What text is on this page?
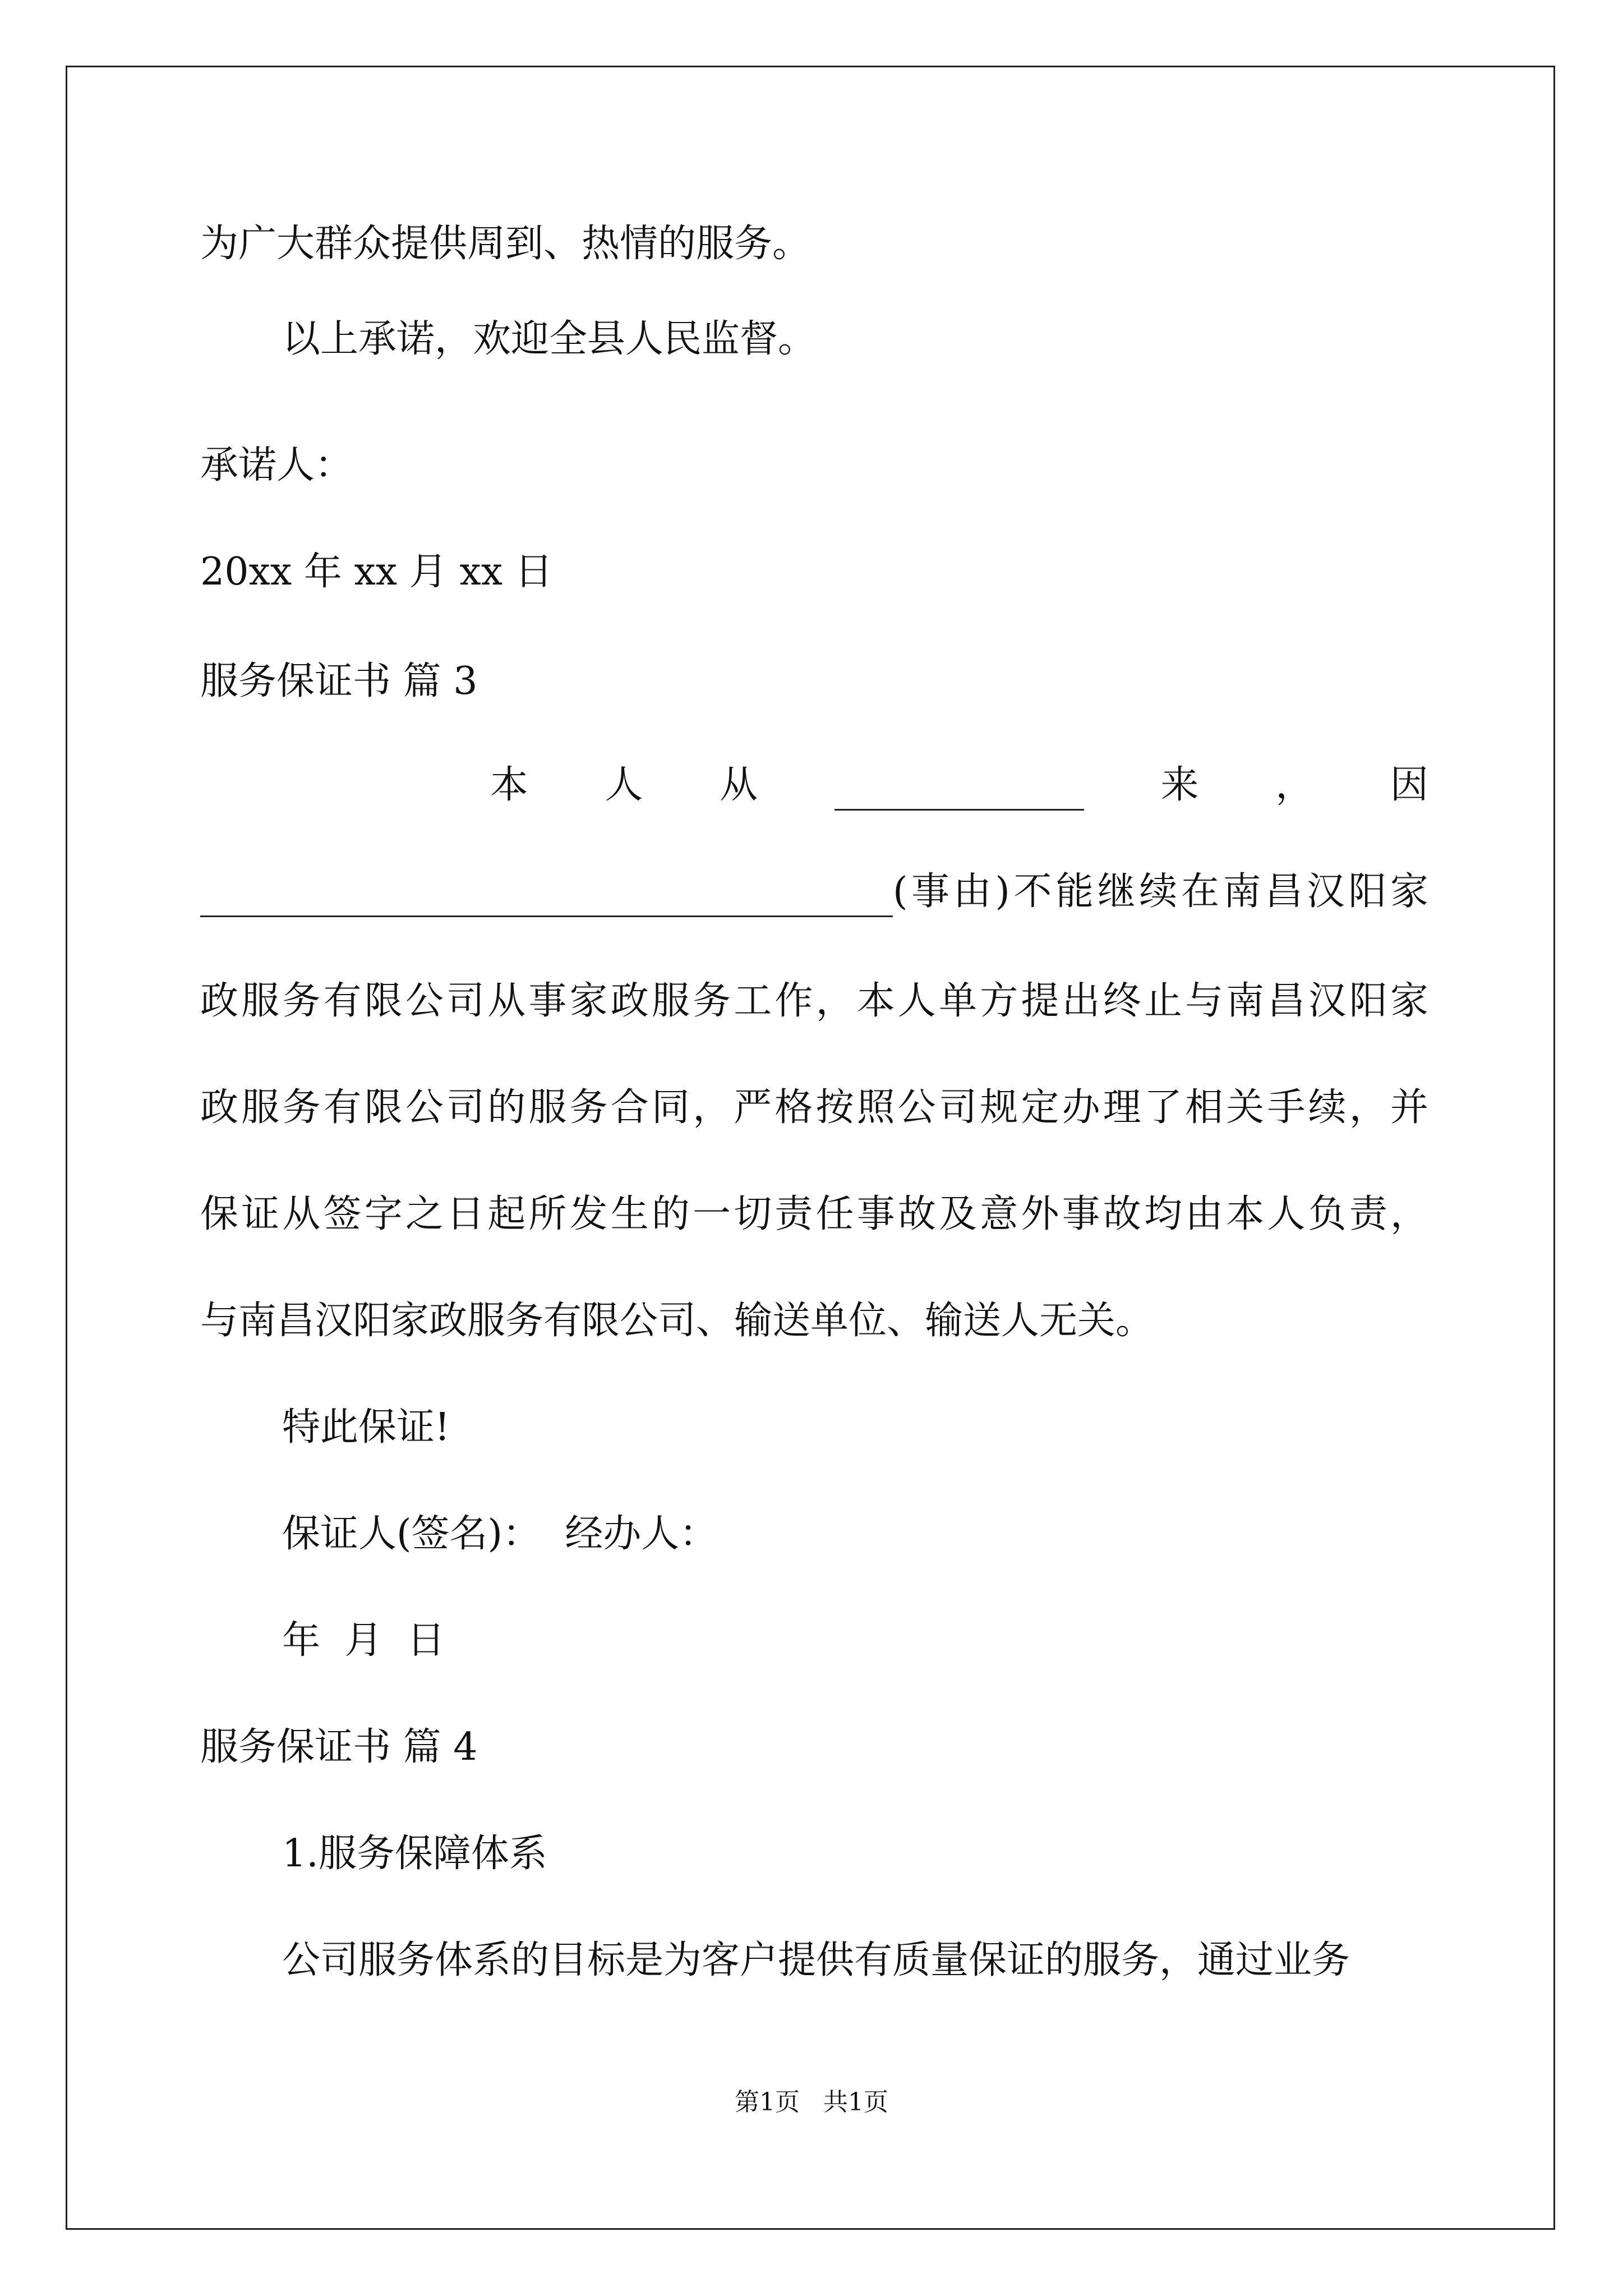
为广大群众提供周到、热情的服务。
以上承诺，欢迎全县人民监督。
承诺人：
20xx 年 xx 月 xx 日
服务保证书 篇 3
本 人 从	来 ， 因
(事由)不能继续在南昌汉阳家
政服务有限公司从事家政服务工作，本人单方提出终止与南昌汉阳家
政服务有限公司的服务合同，严格按照公司规定办理了相关手续，并
保证从签字之日起所发生的一切责任事故及意外事故均由本人负责，
与南昌汉阳家政服务有限公司、输送单位、输送人无关。
特此保证!
保证人(签名)：  经办人：
年  月  日
服务保证书 篇 4
1.服务保障体系
公司服务体系的目标是为客户提供有质量保证的服务，通过业务
第1页   共1页
